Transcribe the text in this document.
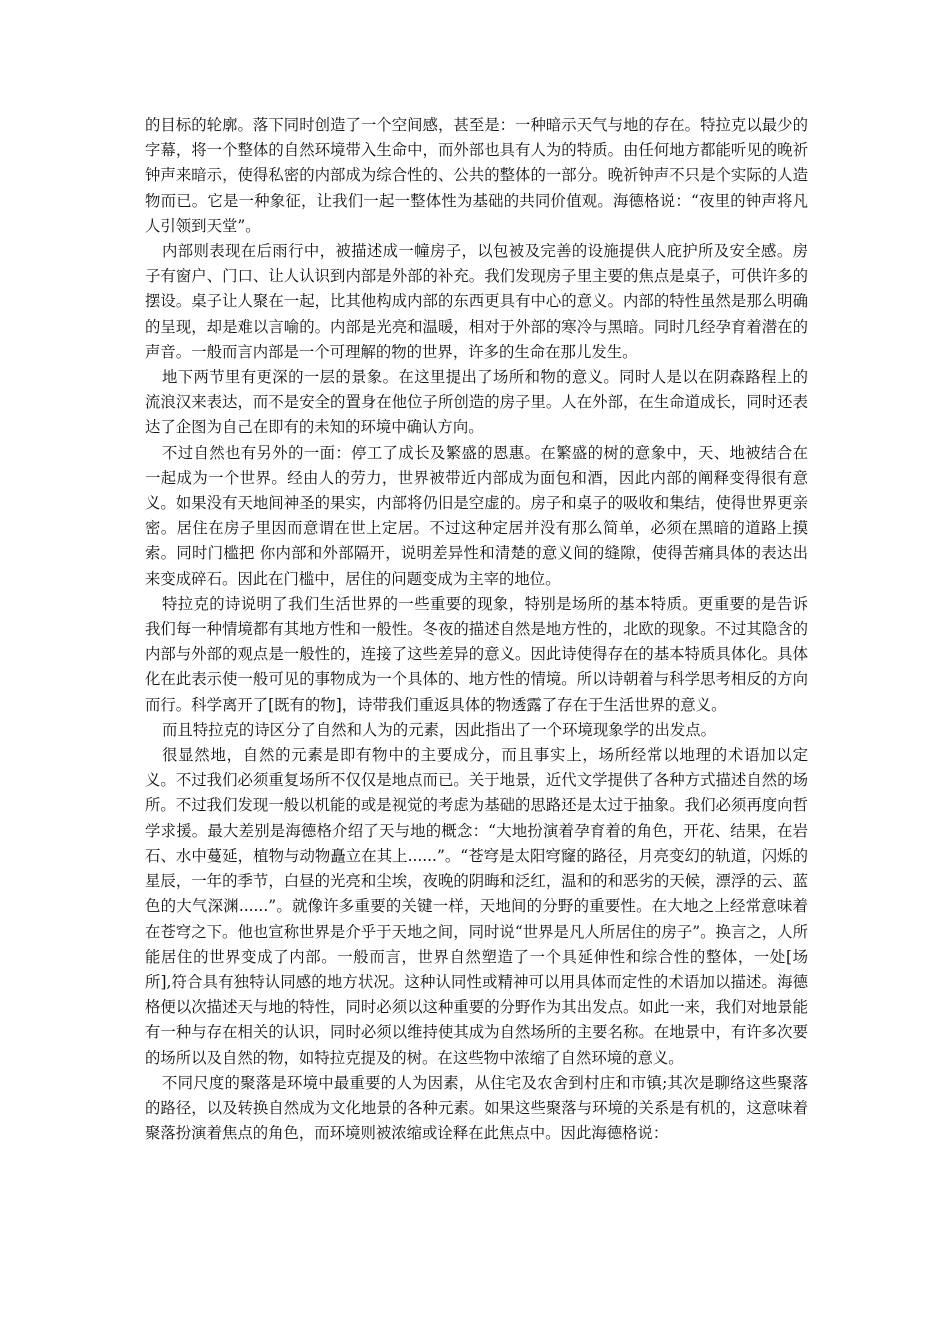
的目标的轮廓。落下同时创造了一个空间感，甚至是：一种暗示天气与地的存在。特拉克以最少的字幕，将一个整体的自然环境带入生命中，而外部也具有人为的特质。由任何地方都能听见的晚祈钟声来暗示，使得私密的内部成为综合性的、公共的整体的一部分。晚祈钟声不只是个实际的人造物而已。它是一种象征，让我们一起一整体性为基础的共同价值观。海德格说：“夜里的钟声将凡人引领到天堂”。

内部则表现在后雨行中，被描述成一幢房子，以包被及完善的设施提供人庇护所及安全感。房子有窗户、门口、让人认识到内部是外部的补充。我们发现房子里主要的焦点是桌子，可供许多的摆设。桌子让人聚在一起，比其他构成内部的东西更具有中心的意义。内部的特性虽然是那么明确的呈现，却是难以言喻的。内部是光亮和温暖，相对于外部的寒冷与黑暗。同时几经孕育着潜在的声音。一般而言内部是一个可理解的物的世界，许多的生命在那儿发生。

地下两节里有更深的一层的景象。在这里提出了场所和物的意义。同时人是以在阴森路程上的流浪汉来表达，而不是安全的置身在他位子所创造的房子里。人在外部，在生命道成长，同时还表达了企图为自己在即有的未知的环境中确认方向。

不过自然也有另外的一面：停工了成长及繁盛的恩惠。在繁盛的树的意象中，天、地被结合在一起成为一个世界。经由人的劳力，世界被带近内部成为面包和酒，因此内部的阐释变得很有意义。如果没有天地间神圣的果实，内部将仍旧是空虚的。房子和桌子的吸收和集结，使得世界更亲密。居住在房子里因而意谓在世上定居。不过这种定居并没有那么简单，必须在黑暗的道路上摸索。同时门槛把 你内部和外部隔开，说明差异性和清楚的意义间的缝隙，使得苦痛具体的表达出来变成碎石。因此在门槛中，居住的问题变成为主宰的地位。

特拉克的诗说明了我们生活世界的一些重要的现象，特别是场所的基本特质。更重要的是告诉我们每一种情境都有其地方性和一般性。冬夜的描述自然是地方性的，北欧的现象。不过其隐含的内部与外部的观点是一般性的，连接了这些差异的意义。因此诗使得存在的基本特质具体化。具体化在此表示使一般可见的事物成为一个具体的、地方性的情境。所以诗朝着与科学思考相反的方向而行。科学离开了[既有的物]，诗带我们重返具体的物透露了存在于生活世界的意义。

而且特拉克的诗区分了自然和人为的元素，因此指出了一个环境现象学的出发点。

很显然地，自然的元素是即有物中的主要成分，而且事实上，场所经常以地理的术语加以定义。不过我们必须重复场所不仅仅是地点而已。关于地景，近代文学提供了各种方式描述自然的场所。不过我们发现一般以机能的或是视觉的考虑为基础的思路还是太过于抽象。我们必须再度向哲学求援。最大差别是海德格介绍了天与地的概念：“大地扮演着孕育着的角色，开花、结果，在岩石、水中蔓延，植物与动物矗立在其上......”。“苍穹是太阳穹窿的路径，月亮变幻的轨道，闪烁的星辰，一年的季节，白昼的光亮和尘埃，夜晚的阴晦和泛红，温和的和恶劣的天候，漂浮的云、蓝色的大气深渊......”。就像许多重要的关键一样，天地间的分野的重要性。在大地之上经常意味着在苍穹之下。他也宣称世界是介乎于天地之间，同时说“世界是凡人所居住的房子”。换言之，人所能居住的世界变成了内部。一般而言，世界自然塑造了一个具延伸性和综合性的整体，一处[场所],符合具有独特认同感的地方状况。这种认同性或精神可以用具体而定性的术语加以描述。海德格便以次描述天与地的特性，同时必须以这种重要的分野作为其出发点。如此一来，我们对地景能有一种与存在相关的认识，同时必须以维持使其成为自然场所的主要名称。在地景中，有许多次要的场所以及自然的物，如特拉克提及的树。在这些物中浓缩了自然环境的意义。

不同尺度的聚落是环境中最重要的人为因素，从住宅及农舍到村庄和市镇;其次是聊络这些聚落的路径，以及转换自然成为文化地景的各种元素。如果这些聚落与环境的关系是有机的，这意味着聚落扮演着焦点的角色，而环境则被浓缩或诠释在此焦点中。因此海德格说：
